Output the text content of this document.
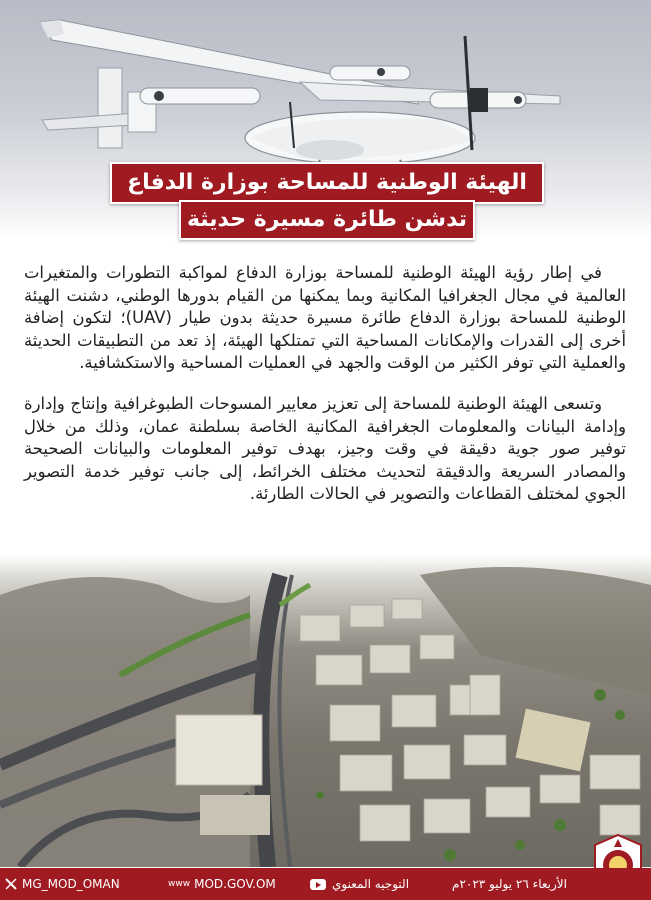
الهيئة الوطنية للمساحة بوزارة الدفاع
تدشن طائرة مسيرة حديثة

في إطار رؤية الهيئة الوطنية للمساحة بوزارة الدفاع لمواكبة التطورات والمتغيرات العالمية في مجال الجغرافيا المكانية وبما يمكنها من القيام بدورها الوطني، دشنت الهيئة الوطنية للمساحة بوزارة الدفاع طائرة مسيرة حديثة بدون طيار (UAV)؛ لتكون إضافة أخرى إلى القدرات والإمكانات المساحية التي تمتلكها الهيئة، إذ تعد من التطبيقات الحديثة والعملية التي توفر الكثير من الوقت والجهد في العمليات المساحية والاستكشافية.

وتسعى الهيئة الوطنية للمساحة إلى تعزيز معايير المسوحات الطبوغرافية وإنتاج وإدارة وإدامة البيانات والمعلومات الجغرافية المكانية الخاصة بسلطنة عمان، وذلك من خلال توفير صور جوية دقيقة في وقت وجيز، بهدف توفير المعلومات والبيانات الصحيحة والمصادر السريعة والدقيقة لتحديث مختلف الخرائط، إلى جانب توفير خدمة التصوير الجوي لمختلف القطاعات والتصوير في الحالات الطارئة.

MG_MOD_OMAN	www MOD.GOV.OM	التوجيه المعنوي	الأربعاء ٢٦ يوليو ٢٠٢٣م
